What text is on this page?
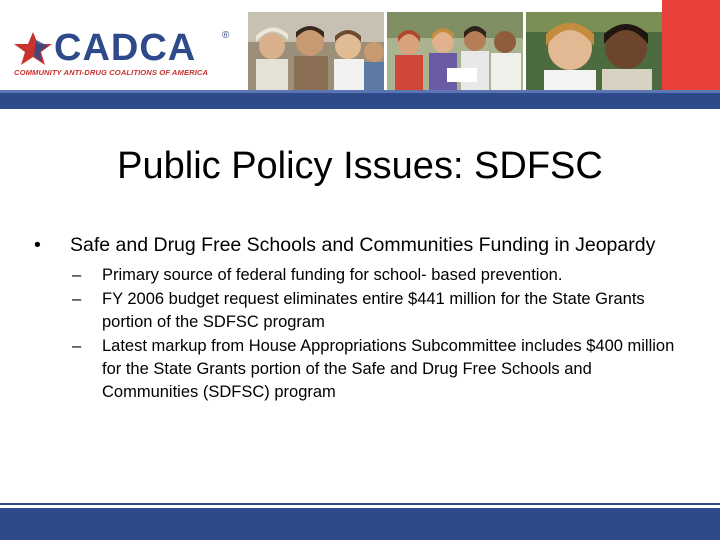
CADCA	®
COMMUNITY ANTI-DRUG COALITIONS OF AMERICA
Public Policy Issues: SDFSC

• Safe and Drug Free Schools and Communities Funding in Jeopardy

– Primary source of federal funding for school- based prevention.

– FY 2006 budget request eliminates entire $441 million for the State Grants portion of the SDFSC program

– Latest markup from House Appropriations Subcommittee includes $400 million for the State Grants portion of the Safe and Drug Free Schools and Communities (SDFSC) program
